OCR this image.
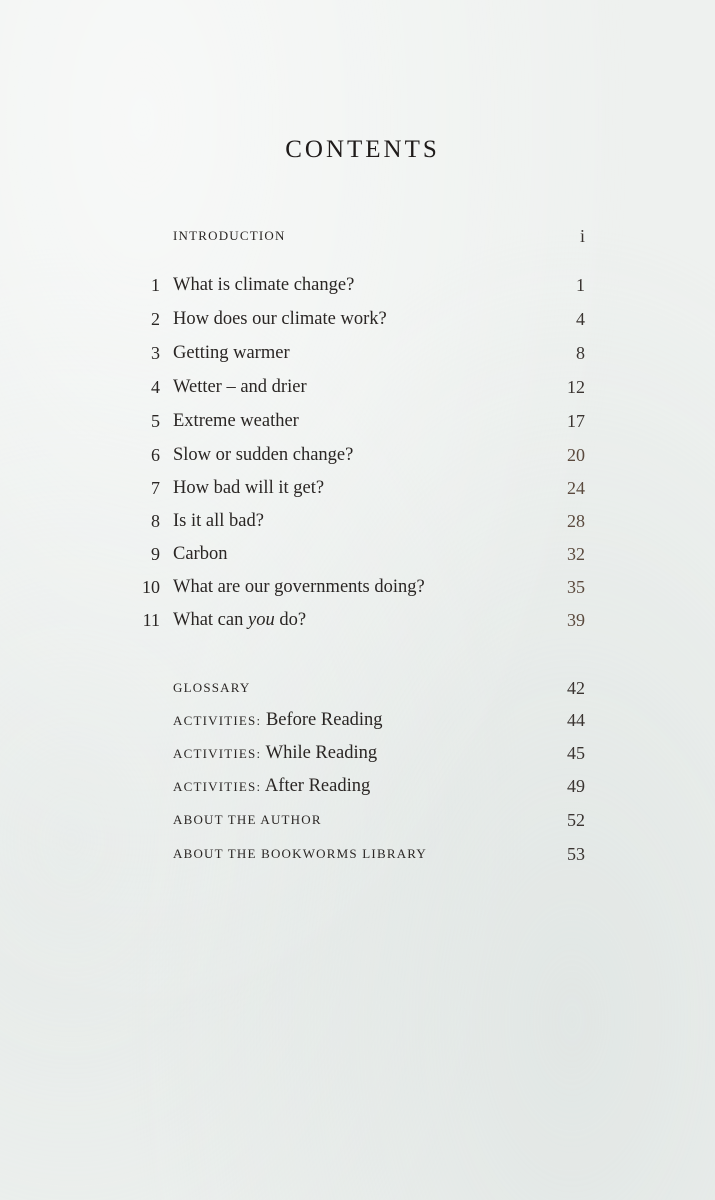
CONTENTS
INTRODUCTION	i
1 What is climate change?	1
2 How does our climate work?	4
3 Getting warmer	8
4 Wetter – and drier	12
5 Extreme weather	17
6 Slow or sudden change?	20
7 How bad will it get?	24
8 Is it all bad?	28
9 Carbon	32
10 What are our governments doing?	35
11 What can you do?	39
GLOSSARY	42
ACTIVITIES: Before Reading	44
ACTIVITIES: While Reading	45
ACTIVITIES: After Reading	49
ABOUT THE AUTHOR	52
ABOUT THE BOOKWORMS LIBRARY	53
